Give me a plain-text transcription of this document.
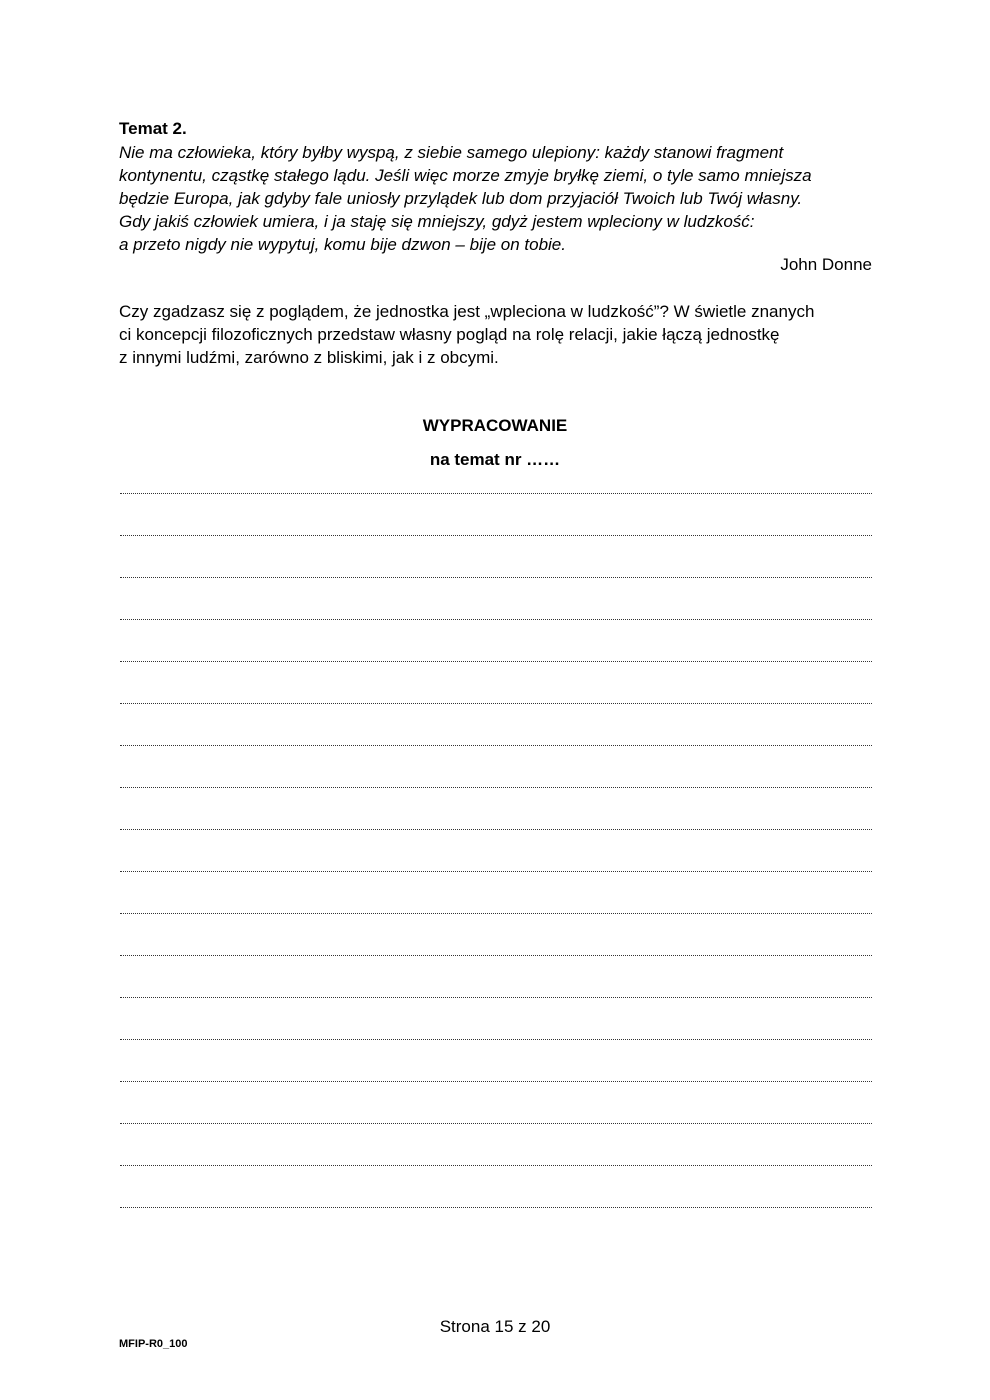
Temat 2.
Nie ma człowieka, który byłby wyspą, z siebie samego ulepiony: każdy stanowi fragment
kontynentu, cząstkę stałego lądu. Jeśli więc morze zmyje bryłkę ziemi, o tyle samo mniejsza
będzie Europa, jak gdyby fale uniosły przylądek lub dom przyjaciół Twoich lub Twój własny.
Gdy jakiś człowiek umiera, i ja staję się mniejszy, gdyż jestem wpleciony w ludzkość:
a przeto nigdy nie wypytuj, komu bije dzwon – bije on tobie.
John Donne
Czy zgadzasz się z poglądem, że jednostka jest „wpleciona w ludzkość”? W świetle znanych
ci koncepcji filozoficznych przedstaw własny pogląd na rolę relacji, jakie łączą jednostkę
z innymi ludźmi, zarówno z bliskimi, jak i z obcymi.
WYPRACOWANIE
na temat nr ……
Strona 15 z 20
MFIP-R0_100
